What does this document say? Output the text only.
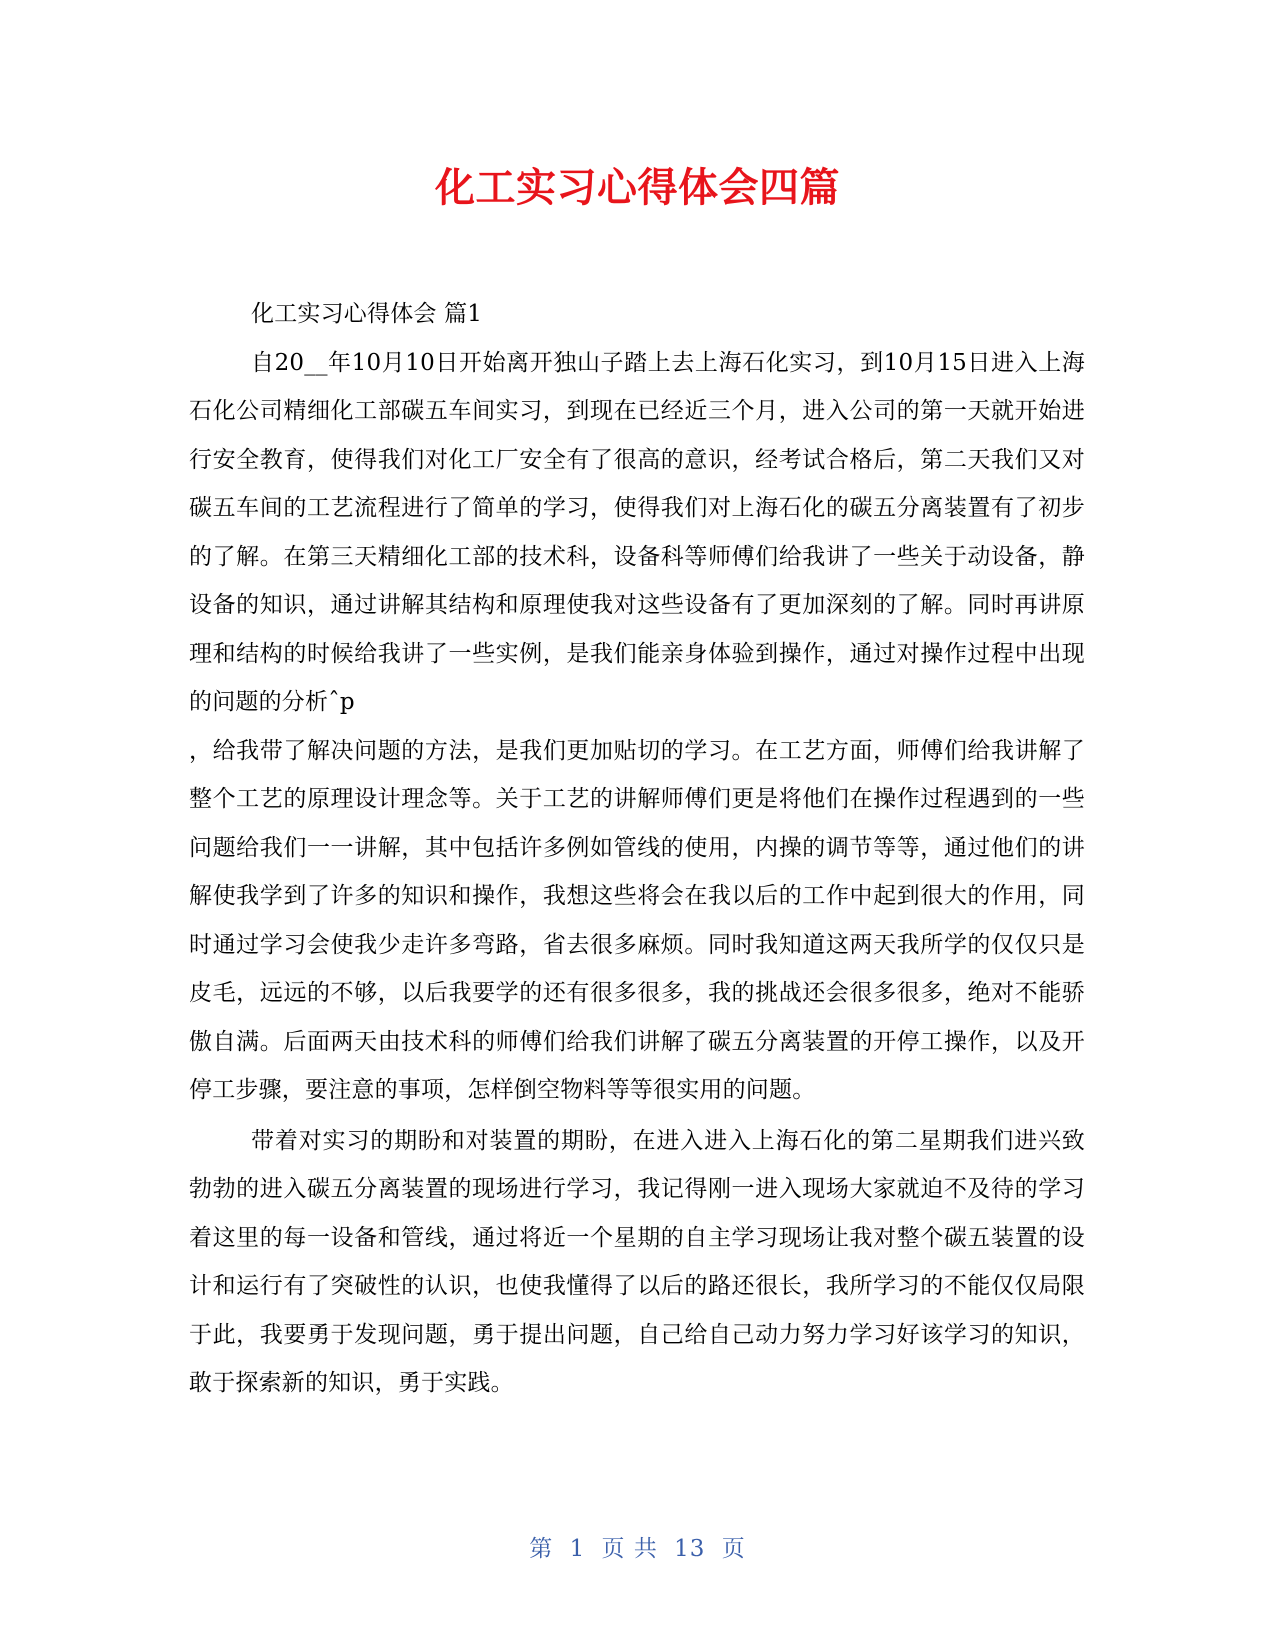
化工实习心得体会四篇

化工实习心得体会 篇1

自20__年10月10日开始离开独山子踏上去上海石化实习，到10月15日进入上海石化公司精细化工部碳五车间实习，到现在已经近三个月，进入公司的第一天就开始进行安全教育，使得我们对化工厂安全有了很高的意识，经考试合格后，第二天我们又对碳五车间的工艺流程进行了简单的学习，使得我们对上海石化的碳五分离装置有了初步的了解。在第三天精细化工部的技术科，设备科等师傅们给我讲了一些关于动设备，静设备的知识，通过讲解其结构和原理使我对这些设备有了更加深刻的了解。同时再讲原理和结构的时候给我讲了一些实例，是我们能亲身体验到操作，通过对操作过程中出现的问题的分析ˆp

，给我带了解决问题的方法，是我们更加贴切的学习。在工艺方面，师傅们给我讲解了整个工艺的原理设计理念等。关于工艺的讲解师傅们更是将他们在操作过程遇到的一些问题给我们一一讲解，其中包括许多例如管线的使用，内操的调节等等，通过他们的讲解使我学到了许多的知识和操作，我想这些将会在我以后的工作中起到很大的作用，同时通过学习会使我少走许多弯路，省去很多麻烦。同时我知道这两天我所学的仅仅只是皮毛，远远的不够，以后我要学的还有很多很多，我的挑战还会很多很多，绝对不能骄傲自满。后面两天由技术科的师傅们给我们讲解了碳五分离装置的开停工操作，以及开停工步骤，要注意的事项，怎样倒空物料等等很实用的问题。

带着对实习的期盼和对装置的期盼，在进入进入上海石化的第二星期我们进兴致勃勃的进入碳五分离装置的现场进行学习，我记得刚一进入现场大家就迫不及待的学习着这里的每一设备和管线，通过将近一个星期的自主学习现场让我对整个碳五装置的设计和运行有了突破性的认识，也使我懂得了以后的路还很长，我所学习的不能仅仅局限于此，我要勇于发现问题，勇于提出问题，自己给自己动力努力学习好该学习的知识，敢于探索新的知识，勇于实践。

第 1 页 共 13 页
